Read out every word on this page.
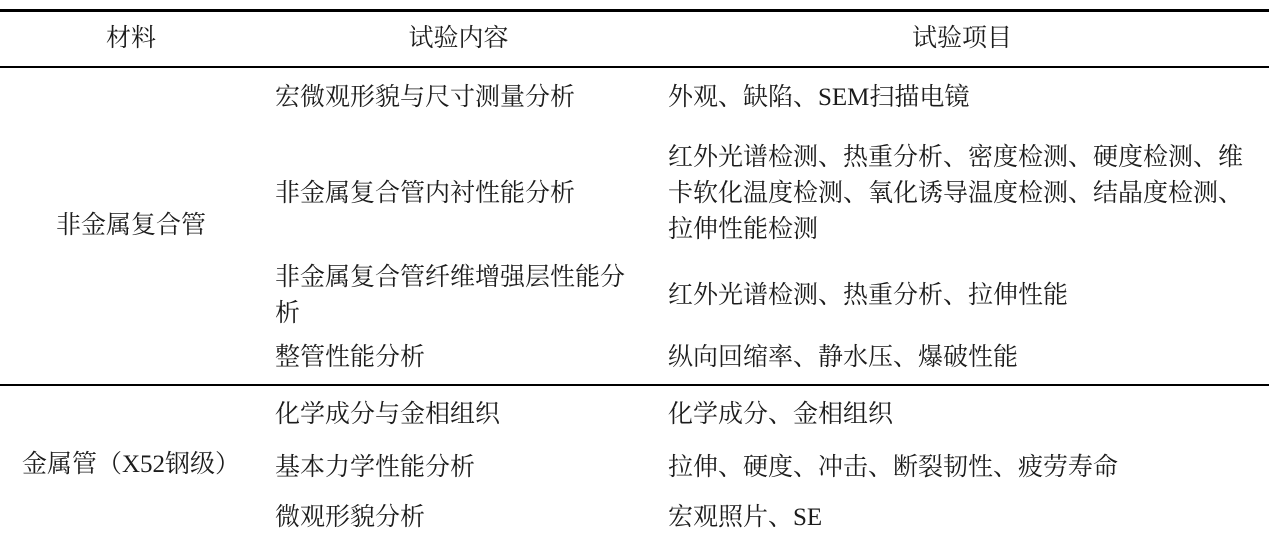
材料	试验内容	试验项目
非金属复合管	宏微观形貌与尺寸测量分析	外观、缺陷、SEM扫描电镜
	非金属复合管内衬性能分析	红外光谱检测、热重分析、密度检测、硬度检测、维卡软化温度检测、氧化诱导温度检测、结晶度检测、拉伸性能检测
	非金属复合管纤维增强层性能分析	红外光谱检测、热重分析、拉伸性能
	整管性能分析	纵向回缩率、静水压、爆破性能
金属管（X52钢级）	化学成分与金相组织	化学成分、金相组织
	基本力学性能分析	拉伸、硬度、冲击、断裂韧性、疲劳寿命
	微观形貌分析	宏观照片、SE
